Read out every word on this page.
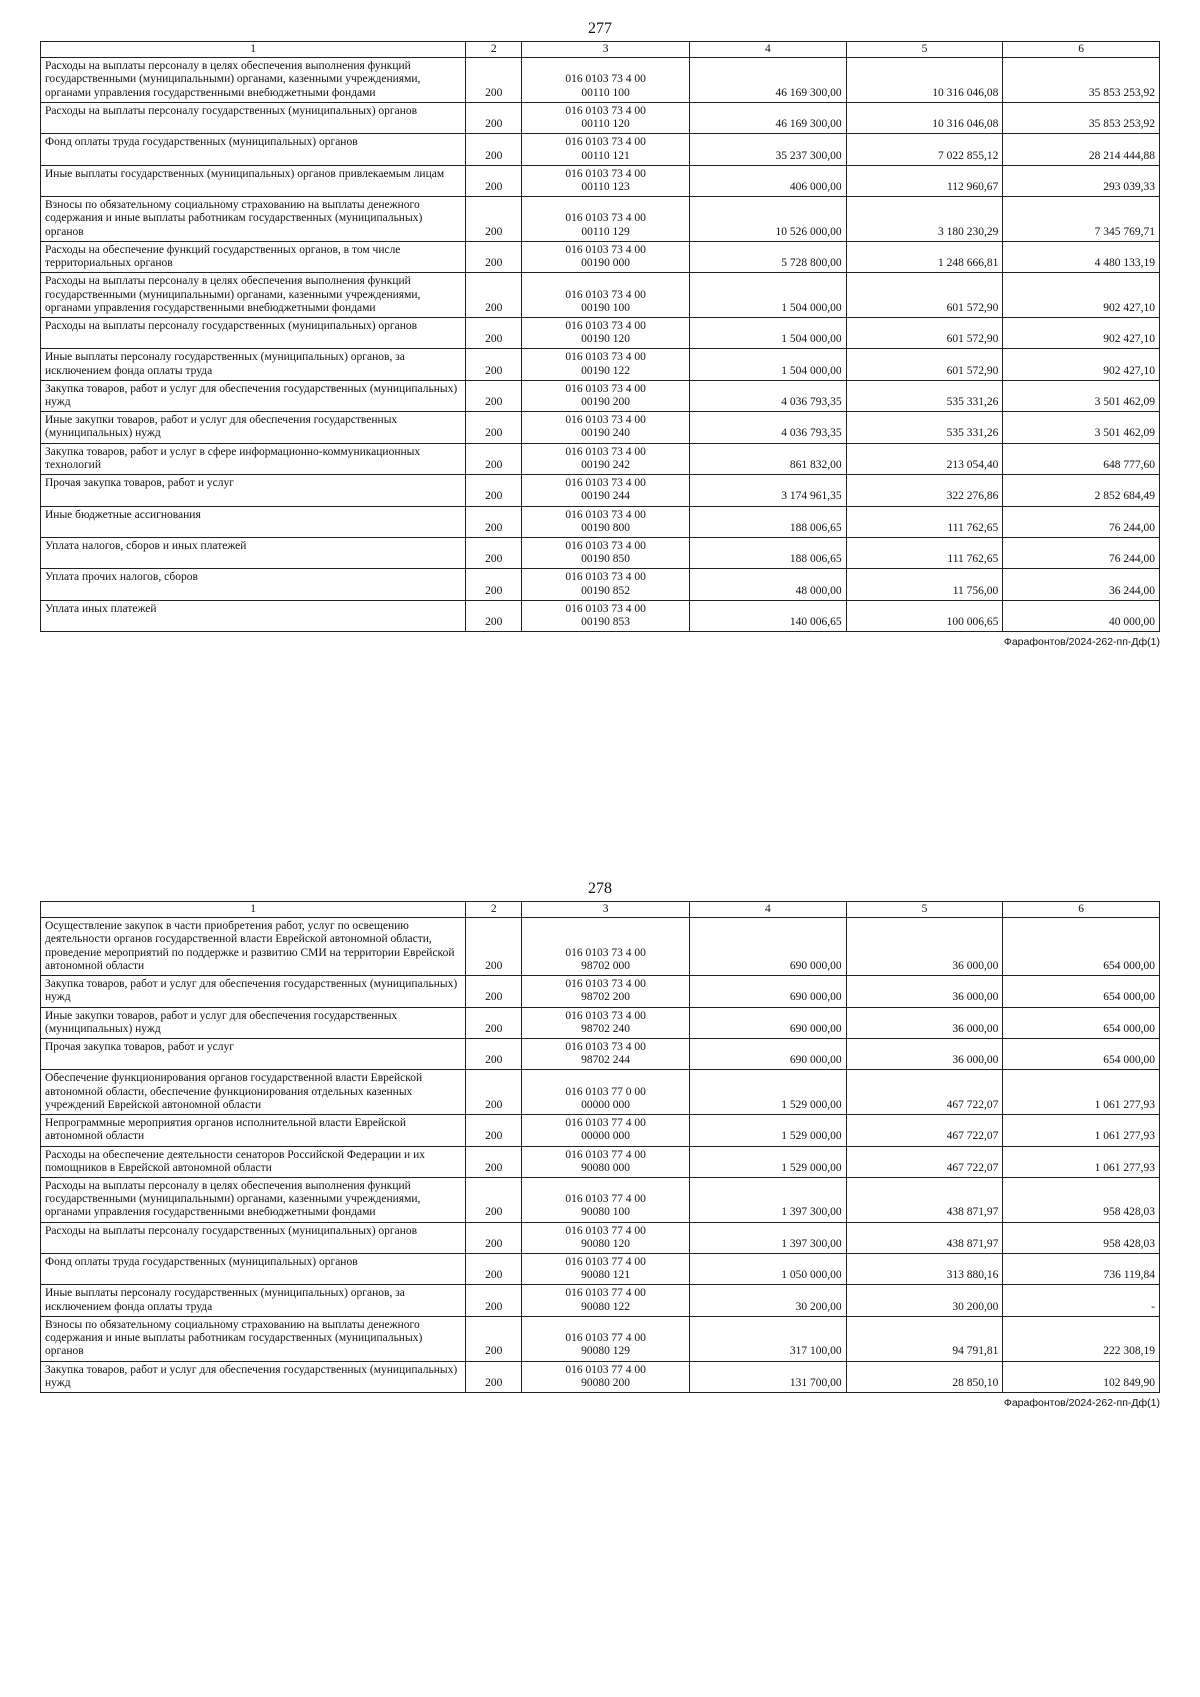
277
1	2	3	4	5	6
Расходы на выплаты персоналу в целях обеспечения выполнения функций государственными (муниципальными) органами, казенными учреждениями, органами управления государственными внебюджетными фондами	200	016 0103 73 4 00
00110 100	46 169 300,00	10 316 046,08	35 853 253,92
Расходы на выплаты персоналу государственных (муниципальных) органов	200	016 0103 73 4 00
00110 120	46 169 300,00	10 316 046,08	35 853 253,92
Фонд оплаты труда государственных (муниципальных) органов	200	016 0103 73 4 00
00110 121	35 237 300,00	7 022 855,12	28 214 444,88
Иные выплаты государственных (муниципальных) органов привлекаемым лицам	200	016 0103 73 4 00
00110 123	406 000,00	112 960,67	293 039,33
Взносы по обязательному социальному страхованию на выплаты денежного содержания и иные выплаты работникам государственных (муниципальных) органов	200	016 0103 73 4 00
00110 129	10 526 000,00	3 180 230,29	7 345 769,71
Расходы на обеспечение функций государственных органов, в том числе территориальных органов	200	016 0103 73 4 00
00190 000	5 728 800,00	1 248 666,81	4 480 133,19
Расходы на выплаты персоналу в целях обеспечения выполнения функций государственными (муниципальными) органами, казенными учреждениями, органами управления государственными внебюджетными фондами	200	016 0103 73 4 00
00190 100	1 504 000,00	601 572,90	902 427,10
Расходы на выплаты персоналу государственных (муниципальных) органов	200	016 0103 73 4 00
00190 120	1 504 000,00	601 572,90	902 427,10
Иные выплаты персоналу государственных (муниципальных) органов, за исключением фонда оплаты труда	200	016 0103 73 4 00
00190 122	1 504 000,00	601 572,90	902 427,10
Закупка товаров, работ и услуг для обеспечения государственных (муниципальных) нужд	200	016 0103 73 4 00
00190 200	4 036 793,35	535 331,26	3 501 462,09
Иные закупки товаров, работ и услуг для обеспечения государственных (муниципальных) нужд	200	016 0103 73 4 00
00190 240	4 036 793,35	535 331,26	3 501 462,09
Закупка товаров, работ и услуг в сфере информационно-коммуникационных технологий	200	016 0103 73 4 00
00190 242	861 832,00	213 054,40	648 777,60
Прочая закупка товаров, работ и услуг	200	016 0103 73 4 00
00190 244	3 174 961,35	322 276,86	2 852 684,49
Иные бюджетные ассигнования	200	016 0103 73 4 00
00190 800	188 006,65	111 762,65	76 244,00
Уплата налогов, сборов и иных платежей	200	016 0103 73 4 00
00190 850	188 006,65	111 762,65	76 244,00
Уплата прочих налогов, сборов	200	016 0103 73 4 00
00190 852	48 000,00	11 756,00	36 244,00
Уплата иных платежей	200	016 0103 73 4 00
00190 853	140 006,65	100 006,65	40 000,00
Фарафонтов/2024-262-пп-Дф(1)
278
1	2	3	4	5	6
Осуществление закупок в части приобретения работ, услуг по освещению деятельности органов государственной власти Еврейской автономной области, проведение мероприятий по поддержке и развитию СМИ на территории Еврейской автономной области	200	016 0103 73 4 00
98702 000	690 000,00	36 000,00	654 000,00
Закупка товаров, работ и услуг для обеспечения государственных (муниципальных) нужд	200	016 0103 73 4 00
98702 200	690 000,00	36 000,00	654 000,00
Иные закупки товаров, работ и услуг для обеспечения государственных (муниципальных) нужд	200	016 0103 73 4 00
98702 240	690 000,00	36 000,00	654 000,00
Прочая закупка товаров, работ и услуг	200	016 0103 73 4 00
98702 244	690 000,00	36 000,00	654 000,00
Обеспечение функционирования органов государственной власти Еврейской автономной области, обеспечение функционирования отдельных казенных учреждений Еврейской автономной области	200	016 0103 77 0 00
00000 000	1 529 000,00	467 722,07	1 061 277,93
Непрограммные мероприятия органов исполнительной власти Еврейской автономной области	200	016 0103 77 4 00
00000 000	1 529 000,00	467 722,07	1 061 277,93
Расходы на обеспечение деятельности сенаторов Российской Федерации и их помощников в Еврейской автономной области	200	016 0103 77 4 00
90080 000	1 529 000,00	467 722,07	1 061 277,93
Расходы на выплаты персоналу в целях обеспечения выполнения функций государственными (муниципальными) органами, казенными учреждениями, органами управления государственными внебюджетными фондами	200	016 0103 77 4 00
90080 100	1 397 300,00	438 871,97	958 428,03
Расходы на выплаты персоналу государственных (муниципальных) органов	200	016 0103 77 4 00
90080 120	1 397 300,00	438 871,97	958 428,03
Фонд оплаты труда государственных (муниципальных) органов	200	016 0103 77 4 00
90080 121	1 050 000,00	313 880,16	736 119,84
Иные выплаты персоналу государственных (муниципальных) органов, за исключением фонда оплаты труда	200	016 0103 77 4 00
90080 122	30 200,00	30 200,00	-
Взносы по обязательному социальному страхованию на выплаты денежного содержания и иные выплаты работникам государственных (муниципальных) органов	200	016 0103 77 4 00
90080 129	317 100,00	94 791,81	222 308,19
Закупка товаров, работ и услуг для обеспечения государственных (муниципальных) нужд	200	016 0103 77 4 00
90080 200	131 700,00	28 850,10	102 849,90
Фарафонтов/2024-262-пп-Дф(1)
